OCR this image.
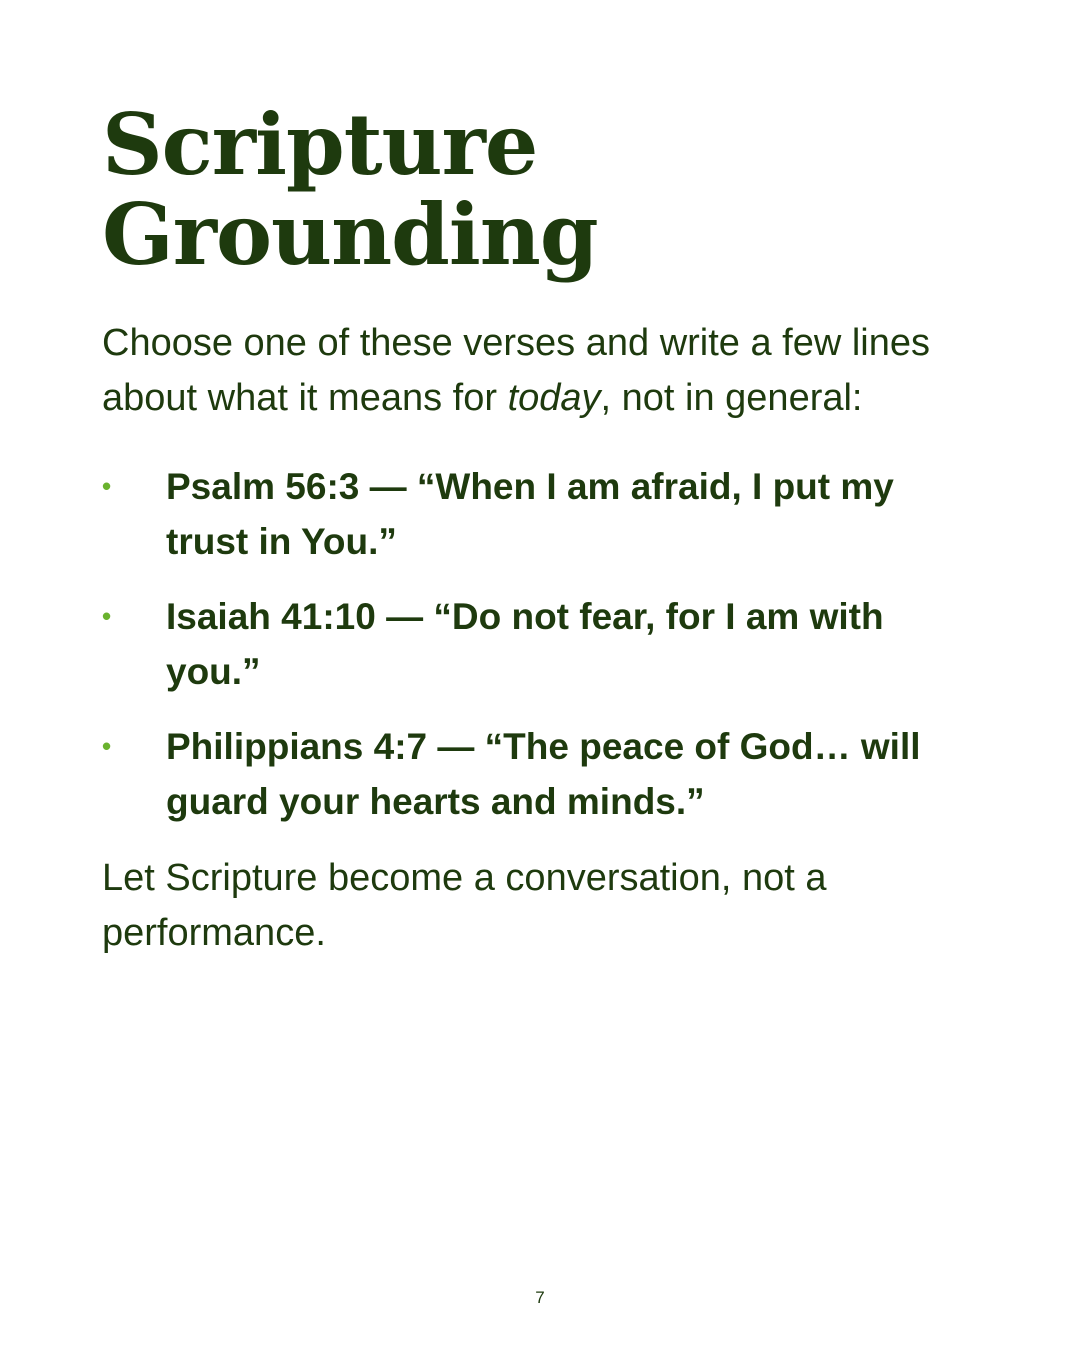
Scripture
Grounding

Choose one of these verses and write a few lines about what it means for today, not in general:

• Psalm 56:3 — “When I am afraid, I put my trust in You.”
• Isaiah 41:10 — “Do not fear, for I am with you.”
• Philippians 4:7 — “The peace of God… will guard your hearts and minds.”

Let Scripture become a conversation, not a performance.

7
